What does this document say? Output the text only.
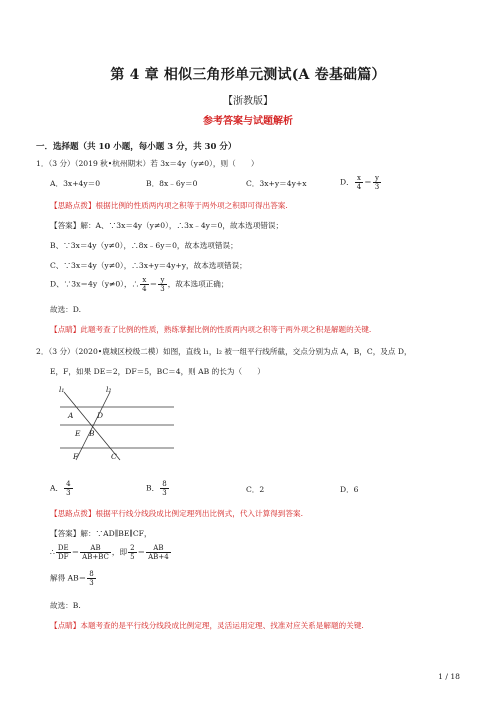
第 4 章 相似三角形单元测试(A 卷基础篇）
【浙教版】
参考答案与试题解析
一．选择题（共 10 小题，每小题 3 分，共 30 分）
1．（3 分）（2019 秋•杭州期末）若 3x＝4y（y≠0），则（　　）
A．3x+4y＝0	B．8x﹣6y＝0	C．3x+y＝4y+x	D． $\frac{x}{4} = \frac{y}{3}$
【思路点拨】根据比例的性质两内项之积等于两外项之积即可得出答案.
【答案】解：A、∵3x＝4y（y≠0），∴3x﹣4y＝0，故本选项错误；
B、∵3x＝4y（y≠0），∴8x﹣6y＝0，故本选项错误；
C、∵3x＝4y（y≠0），∴3x+y＝4y+y，故本选项错误；
D、∵3x＝4y（y≠0），∴ $\frac{x}{4} = \frac{y}{3}$ ，故本选项正确；
故选：D.
【点睛】此题考查了比例的性质，熟练掌握比例的性质两内项之积等于两外项之积是解题的关键.
2．（3 分）（2020•鹿城区校级二模）如图，直线 l₁，l₂ 被一组平行线所截，交点分别为点 A，B，C，及点 D，
E，F，如果 DE＝2，DF＝5，BC＝4，则 AB 的长为（　　）
l₁	l₂
A	D
E B
F	C
A． $\frac{4}{3}$	B． $\frac{8}{3}$	C．2	D．6
【思路点拨】根据平行线分线段成比例定理列出比例式，代入计算得到答案.
【答案】解：∵AD∥BE∥CF，
∴ $\frac{DE}{DF} = \frac{AB}{AB+BC}$ ，即 $\frac{2}{5} = \frac{AB}{AB+4}$
解得 $AB= \frac{8}{3}$
故选：B.
【点睛】本题考查的是平行线分线段成比例定理，灵活运用定理、找准对应关系是解题的关键.
1 / 18
